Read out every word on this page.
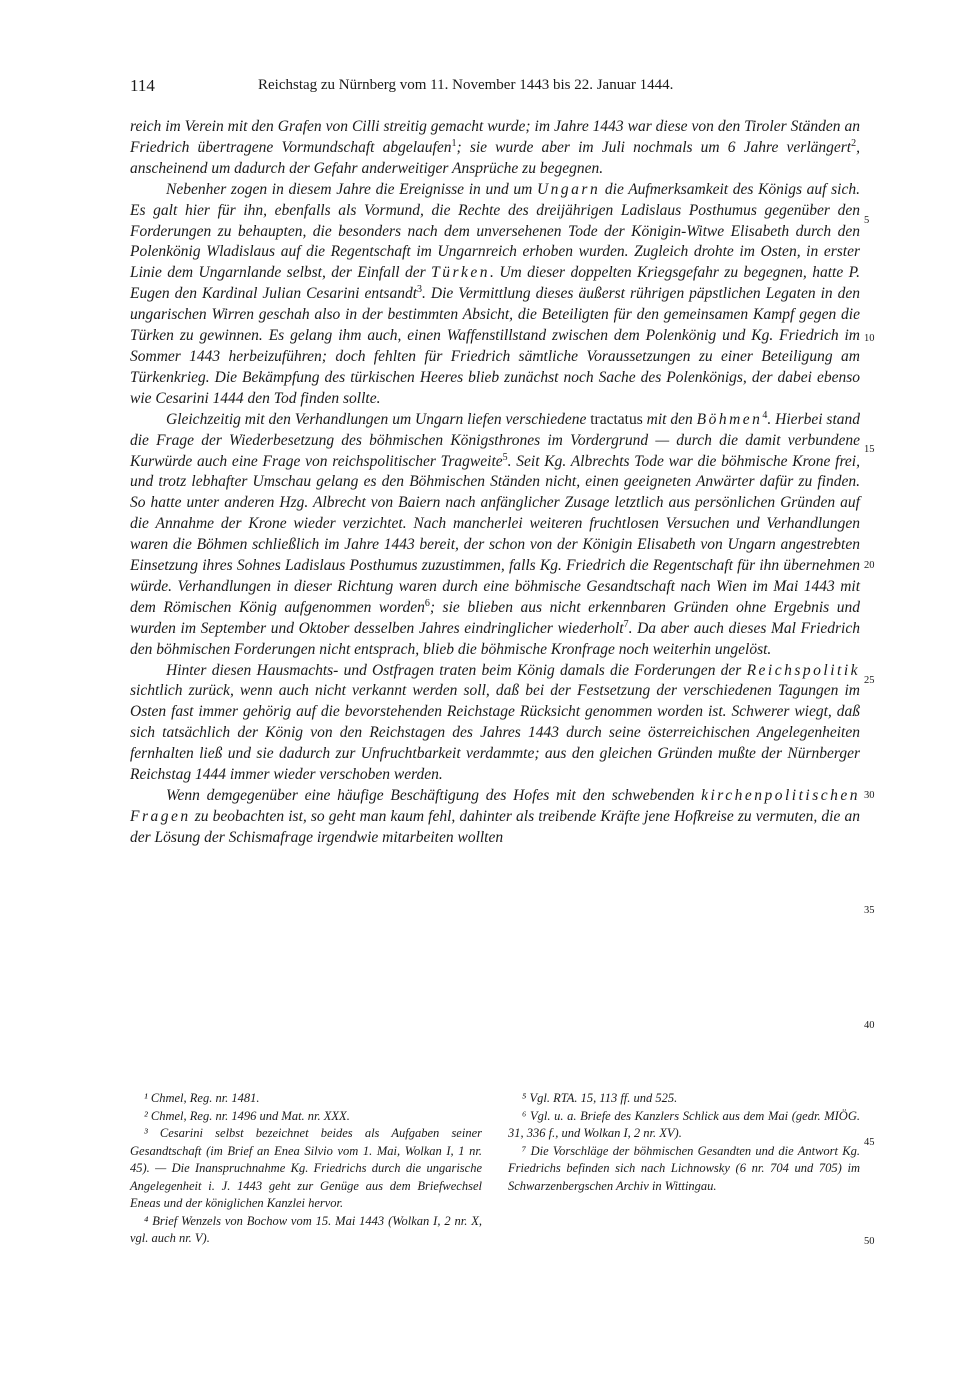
114	Reichstag zu Nürnberg vom 11. November 1443 bis 22. Januar 1444.

reich im Verein mit den Grafen von Cilli streitig gemacht wurde; im Jahre 1443 war diese von den Tiroler Ständen an Friedrich übertragene Vormundschaft abgelaufen$^1$; sie wurde aber im Juli nochmals um 6 Jahre verlängert$^2$, anscheinend um dadurch der Gefahr anderweitiger Ansprüche zu begegnen.

Nebenher zogen in diesem Jahre die Ereignisse in und um Ungarn die Aufmerksamkeit des Königs auf sich. Es galt hier für ihn, ebenfalls als Vormund, die Rechte des dreijährigen Ladislaus Posthumus gegenüber den Forderungen zu behaupten, die besonders nach dem unversehenen Tode der Königin-Witwe Elisabeth durch den Polenkönig Wladislaus auf die Regentschaft im Ungarnreich erhoben wurden. Zugleich drohte im Osten, in erster Linie dem Ungarnlande selbst, der Einfall der Türken. Um dieser doppelten Kriegsgefahr zu begegnen, hatte P. Eugen den Kardinal Julian Cesarini entsandt$^3$. Die Vermittlung dieses äußerst rührigen päpstlichen Legaten in den ungarischen Wirren geschah also in der bestimmten Absicht, die Beteiligten für den gemeinsamen Kampf gegen die Türken zu gewinnen. Es gelang ihm auch, einen Waffenstillstand zwischen dem Polenkönig und Kg. Friedrich im Sommer 1443 herbeizuführen; doch fehlten für Friedrich sämtliche Voraussetzungen zu einer Beteiligung am Türkenkrieg. Die Bekämpfung des türkischen Heeres blieb zunächst noch Sache des Polenkönigs, der dabei ebenso wie Cesarini 1444 den Tod finden sollte.

Gleichzeitig mit den Verhandlungen um Ungarn liefen verschiedene tractatus mit den Böhmen$^4$. Hierbei stand die Frage der Wiederbesetzung des böhmischen Königsthrones im Vordergrund — durch die damit verbundene Kurwürde auch eine Frage von reichspolitischer Tragweite$^5$. Seit Kg. Albrechts Tode war die böhmische Krone frei, und trotz lebhafter Umschau gelang es den Böhmischen Ständen nicht, einen geeigneten Anwärter dafür zu finden. So hatte unter anderen Hzg. Albrecht von Baiern nach anfänglicher Zusage letztlich aus persönlichen Gründen auf die Annahme der Krone wieder verzichtet. Nach mancherlei weiteren fruchtlosen Versuchen und Verhandlungen waren die Böhmen schließlich im Jahre 1443 bereit, der schon von der Königin Elisabeth von Ungarn angestrebten Einsetzung ihres Sohnes Ladislaus Posthumus zuzustimmen, falls Kg. Friedrich die Regentschaft für ihn übernehmen würde. Verhandlungen in dieser Richtung waren durch eine böhmische Gesandtschaft nach Wien im Mai 1443 mit dem Römischen König aufgenommen worden$^6$; sie blieben aus nicht erkennbaren Gründen ohne Ergebnis und wurden im September und Oktober desselben Jahres eindringlicher wiederholt$^7$. Da aber auch dieses Mal Friedrich den böhmischen Forderungen nicht entsprach, blieb die böhmische Kronfrage noch weiterhin ungelöst.

Hinter diesen Hausmachts- und Ostfragen traten beim König damals die Forderungen der Reichspolitik sichtlich zurück, wenn auch nicht verkannt werden soll, daß bei der Festsetzung der verschiedenen Tagungen im Osten fast immer gehörig auf die bevorstehenden Reichstage Rücksicht genommen worden ist. Schwerer wiegt, daß sich tatsächlich der König von den Reichstagen des Jahres 1443 durch seine österreichischen Angelegenheiten fernhalten ließ und sie dadurch zur Unfruchtbarkeit verdammte; aus den gleichen Gründen mußte der Nürnberger Reichstag 1444 immer wieder verschoben werden.

Wenn demgegenüber eine häufige Beschäftigung des Hofes mit den schwebenden kirchenpolitischen Fragen zu beobachten ist, so geht man kaum fehl, dahinter als treibende Kräfte jene Hofkreise zu vermuten, die an der Lösung der Schismafrage irgendwie mitarbeiten wollten

5
10
15
20
25
30
35
40

¹ Chmel, Reg. nr. 1481.

² Chmel, Reg. nr. 1496 und Mat. nr. XXX.

³ Cesarini selbst bezeichnet beides als Aufgaben seiner Gesandtschaft (im Brief an Enea Silvio vom 1. Mai, Wolkan I, 1 nr. 45). — Die Inanspruchnahme Kg. Friedrichs durch die ungarische Angelegenheit i. J. 1443 geht zur Genüge aus dem Briefwechsel Eneas und der königlichen Kanzlei hervor.

⁴ Brief Wenzels von Bochow vom 15. Mai 1443 (Wolkan I, 2 nr. X, vgl. auch nr. V).

⁵ Vgl. RTA. 15, 113 ff. und 525.

⁶ Vgl. u. a. Briefe des Kanzlers Schlick aus dem Mai (gedr. MIÖG. 31, 336 f., und Wolkan I, 2 nr. XV).

⁷ Die Vorschläge der böhmischen Gesandten und die Antwort Kg. Friedrichs befinden sich nach Lichnowsky (6 nr. 704 und 705) im Schwarzenbergschen Archiv in Wittingau.

45
50
